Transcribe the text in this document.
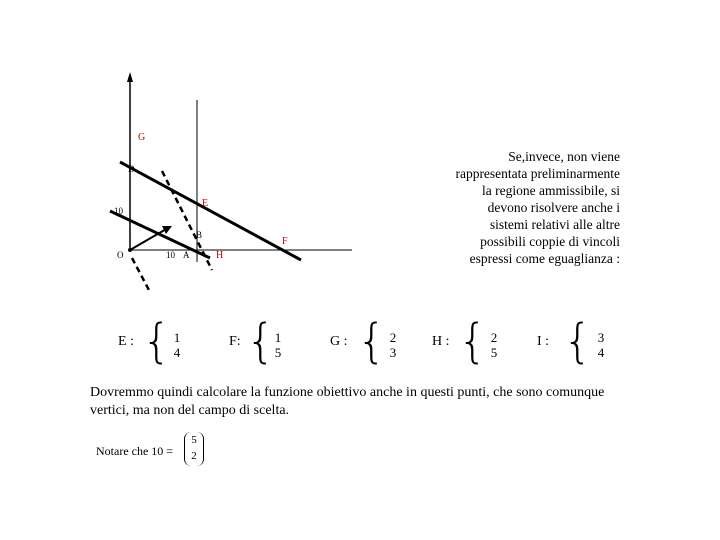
G
D
E
10
B
F
O	10 A	H
Se,invece, non viene
rappresentata preliminarmente
la regione ammissibile, si
devono risolvere anche i
sistemi relativi alle altre
possibili coppie di vincoli
espressi come eguaglianza :
E : { 1
4
F: { 1
5
G : { 2
3
H : { 2
5
I : { 3
4
Dovremmo quindi calcolare la funzione obiettivo anche in questi punti, che sono comunque vertici, ma non del campo di scelta.
Notare che 10 =
5
2
